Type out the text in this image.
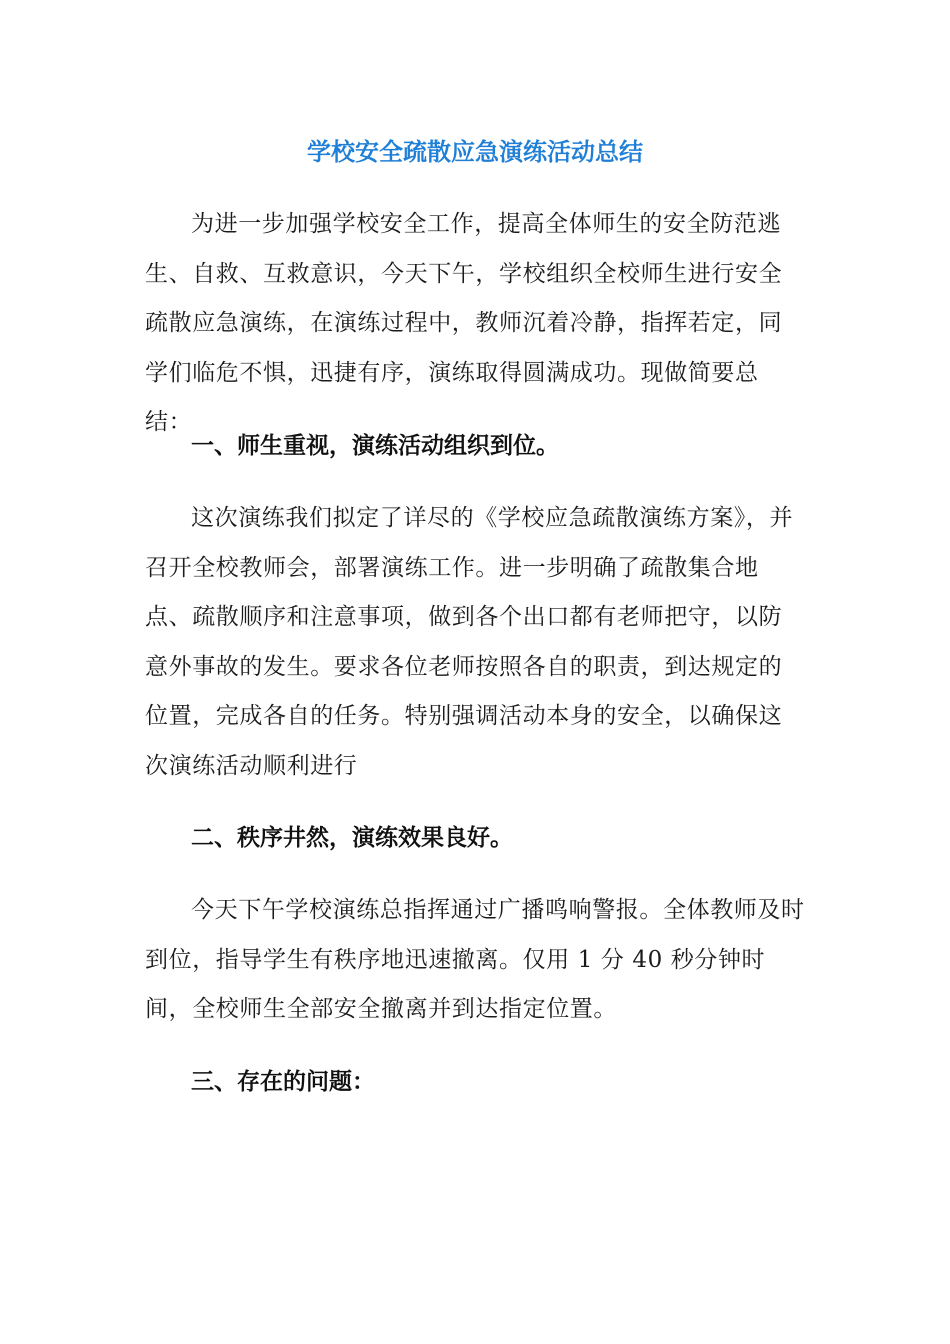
学校安全疏散应急演练活动总结

为进一步加强学校安全工作，提高全体师生的安全防范逃生、自救、互救意识，今天下午，学校组织全校师生进行安全疏散应急演练，在演练过程中，教师沉着冷静，指挥若定，同学们临危不惧，迅捷有序，演练取得圆满成功。现做简要总结：

一、师生重视，演练活动组织到位。

这次演练我们拟定了详尽的《学校应急疏散演练方案》，并召开全校教师会，部署演练工作。进一步明确了疏散集合地点、疏散顺序和注意事项，做到各个出口都有老师把守，以防意外事故的发生。要求各位老师按照各自的职责，到达规定的位置，完成各自的任务。特别强调活动本身的安全，以确保这次演练活动顺利进行

二、秩序井然，演练效果良好。

今天下午学校演练总指挥通过广播鸣响警报。全体教师及时到位，指导学生有秩序地迅速撤离。仅用 1 分 40 秒分钟时间，全校师生全部安全撤离并到达指定位置。

三、存在的问题：
